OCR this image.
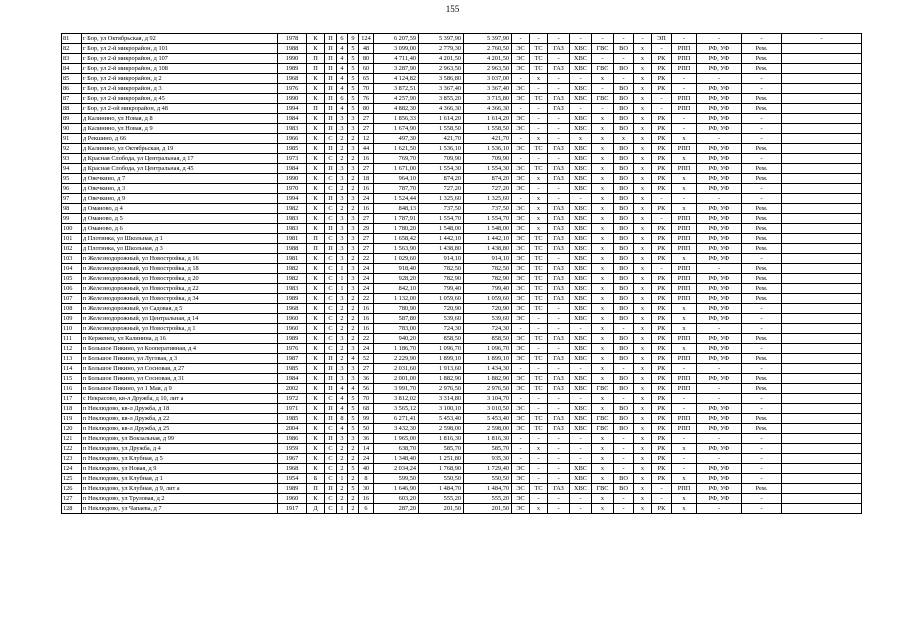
155
81	г Бор, ул Октябрьская, д 92	1978	К	П	6	9	124	6 207,59	5 397,90	5 397,90	-	-	-	-	-	-	-	ЭП	-	-	-	-
82	г Бор, ул 2-й микрорайон, д 101	1988	К	П	4	5	48	3 099,00	2 779,30	2 760,50	ЭС	ТС	ГАЗ	ХВС	ГВС	ВО	х	-	РПП	РФ, УФ	Рем.	
83	г Бор, ул 2-й микрорайон, д 107	1990	П	П	4	5	80	4 711,40	4 201,50	4 201,50	ЭС	ТС	-	ХВС	-	-	х	РК	РПП	РФ, УФ	Рем.	
84	г Бор, ул 2-й микрорайон, д 108	1989	П	П	4	5	60	3 287,90	2 963,50	2 963,50	ЭС	ТС	ГАЗ	ХВС	ГВС	ВО	х	РК	РПП	РФ, УФ	Рем.	
85	г Бор, ул 2-й микрорайон, д 2	1968	К	П	4	5	65	4 124,82	3 586,80	3 037,00	-	х	-	-	х	-	х	РК	-	-	-	
86	г Бор, ул 2-й микрорайон, д 3	1976	К	П	4	5	70	3 872,51	3 367,40	3 367,40	ЭС	-	-	ХВС	-	ВО	х	РК	-	РФ, УФ	-	
87	г Бор, ул 2-й микрорайон, д 45	1990	К	П	6	5	76	4 257,90	3 855,20	3 715,80	ЭС	ТС	ГАЗ	ХВС	ГВС	ВО	х	-	РПП	РФ, УФ	Рем.	
88	г Бор, ул 2-ой микрорайон, д 48	1994	П	П	4	5	80	4 882,30	4 366,30	4 366,30	-	-	ГАЗ	-	-	ВО	х	-	РПП	РФ, УФ	Рем.	
89	д Калинино, ул Новая, д 8	1984	К	П	3	3	27	1 856,33	1 614,20	1 614,20	ЭС	-	-	ХВС	х	ВО	х	РК	-	РФ, УФ	-	
90	д Калинино, ул Новая, д 9	1983	К	П	3	3	27	1 674,90	1 558,50	1 558,50	ЭС	-	-	ХВС	х	ВО	х	РК	-	РФ, УФ	-	
91	д Рекшино, д 66	1966	К	С	2	2	12	497,30	421,70	421,70	-	х	-	х	х	х	х	РК	х	-	-	
92	д Калинино, ул Октябрьская, д 19	1985	К	П	2	3	44	1 621,50	1 536,10	1 536,10	ЭС	ТС	ГАЗ	ХВС	х	ВО	х	РК	РПП	РФ, УФ	Рем.	
93	д Красная Слобода, ул Центральная, д 17	1973	К	С	2	2	16	769,70	709,90	709,90	-	-	-	ХВС	х	ВО	х	РК	х	РФ, УФ	-	
94	д Красная Слобода, ул Центральная, д 45	1984	К	П	3	3	27	1 671,00	1 554,30	1 554,30	ЭС	ТС	ГАЗ	ХВС	х	ВО	х	РК	РПП	РФ, УФ	Рем.	
95	д Овечкино, д 7	1990	К	С	3	2	18	964,10	874,20	874,20	ЭС	х	ГАЗ	ХВС	х	ВО	х	РК	х	РФ, УФ	Рем.	
96	д Овечкино, д 3	1970	К	С	2	2	16	787,70	727,20	727,20	ЭС	-	-	ХВС	х	ВО	х	РК	х	РФ, УФ	-	
97	д Овечкино, д 9	1994	К	П	3	3	24	1 524,44	1 325,60	1 325,60	-	х	-	-	х	ВО	х	-	-	-	-	
98	д Оманово, д 4	1982	К	С	2	2	16	848,13	737,50	737,50	ЭС	х	ГАЗ	ХВС	х	ВО	х	РК	х	РФ, УФ	Рем.	
99	д Оманово, д 5	1983	К	С	3	3	27	1 787,91	1 554,70	1 554,70	ЭС	х	ГАЗ	ХВС	х	ВО	х	-	РПП	РФ, УФ	Рем.	
100	д Оманово, д 6	1983	К	П	3	3	29	1 780,20	1 548,00	1 548,00	ЭС	х	ГАЗ	ХВС	х	ВО	х	РК	РПП	РФ, УФ	Рем.	
101	д Плотинка, ул Школьная, д 1	1981	П	С	3	3	27	1 658,42	1 442,10	1 442,10	ЭС	ТС	ГАЗ	ХВС	х	ВО	х	РК	РПП	РФ, УФ	Рем.	
102	д Плотинка, ул Школьная, д 3	1988	П	П	3	3	27	1 563,90	1 438,80	1 438,80	ЭС	ТС	ГАЗ	ХВС	х	ВО	х	РК	РПП	РФ, УФ	Рем.	
103	п Железнодорожный, ул Новостройка, д 16	1981	К	С	3	2	22	1 029,60	914,10	914,10	ЭС	ТС	-	ХВС	х	ВО	х	РК	х	РФ, УФ	-	
104	п Железнодорожный, ул Новостройка, д 18	1982	К	С	1	3	24	918,40	782,50	782,50	ЭС	ТС	ГАЗ	ХВС	х	ВО	х	-	РПП	-	Рем.	
105	п Железнодорожный, ул Новостройка, д 20	1982	К	С	1	3	24	928,20	782,90	782,90	ЭС	ТС	ГАЗ	ХВС	х	ВО	х	РК	РПП	РФ, УФ	Рем.	
106	п Железнодорожный, ул Новостройка, д 22	1983	К	С	1	3	24	842,10	799,40	799,40	ЭС	ТС	ГАЗ	ХВС	х	ВО	х	РК	РПП	РФ, УФ	Рем.	
107	п Железнодорожный, ул Новостройка, д 34	1989	К	С	3	2	22	1 132,00	1 059,60	1 059,60	ЭС	ТС	ГАЗ	ХВС	х	ВО	х	РК	РПП	РФ, УФ	Рем.	
108	п Железнодорожный, ул Садовая, д 5	1968	К	С	2	2	16	780,90	720,90	720,90	ЭС	ТС	-	ХВС	х	ВО	х	РК	х	РФ, УФ	-	
109	п Железнодорожный, ул Центральная, д 14	1960	К	С	2	2	16	587,80	539,60	539,60	ЭС	-	-	ХВС	х	ВО	х	РК	х	РФ, УФ	-	
110	п Железнодорожный, ул Новостройка, д 1	1960	К	С	2	2	16	783,00	724,30	724,30	-	-	-	-	х	-	х	РК	х	-	-	
111	п Керженец, ул Калинина, д 16	1989	К	С	3	2	22	940,20	858,50	858,50	ЭС	ТС	ГАЗ	ХВС	х	ВО	х	РК	РПП	РФ, УФ	Рем.	
112	п Большое Пикино, ул Кооперативная, д 4	1976	К	С	2	3	24	1 186,70	1 096,70	1 096,70	ЭС	-	-	ХВС	х	ВО	х	РК	х	РФ, УФ	-	
113	п Большое Пикино, ул Луговая, д 3	1987	К	П	2	4	52	2 229,90	1 899,10	1 899,10	ЭС	ТС	ГАЗ	ХВС	х	ВО	х	РК	РПП	РФ, УФ	Рем.	
114	п Большое Пикино, ул Сосновая, д 27	1985	К	П	3	3	27	2 031,60	1 913,60	1 434,30	-	-	-	-	х	-	х	РК	-	-	-	
115	п Большое Пикино, ул Сосновая, д 31	1984	К	П	3	3	36	2 001,00	1 882,90	1 882,90	ЭС	ТС	ГАЗ	ХВС	х	ВО	х	РК	РПП	РФ, УФ	Рем.	
116	п Большое Пикино, ул 1 Мая, д 9	2002	К	П	4	4	56	3 991,70	2 976,50	2 976,50	ЭС	ТС	ГАЗ	ХВС	ГВС	ВО	х	РК	РПП	-	Рем.	
117	с Некрасово, кв-л Дружба, д 10, лит а	1972	К	С	4	5	70	3 812,02	3 314,80	3 104,70	-	-	-	-	х	-	х	РК	-	-	-	
118	п Неклюдово, кв-л Дружба, д 18	1971	К	П	4	5	68	3 565,12	3 100,10	3 010,50	ЭС	-	-	ХВС	х	ВО	х	РК	-	РФ, УФ	-	
119	п Неклюдово, кв-л Дружба, д 22	1985	К	П	8	5	99	6 271,41	5 453,40	5 453,40	ЭС	ТС	ГАЗ	ХВС	ГВС	ВО	х	РК	РПП	РФ, УФ	Рем.	
120	п Неклюдово, кв-л Дружба, д 25	2004	К	С	4	5	50	3 432,30	2 598,00	2 598,00	ЭС	ТС	ГАЗ	ХВС	ГВС	ВО	х	РК	РПП	РФ, УФ	Рем.	
121	п Неклюдово, ул Вокзальная, д 99	1986	К	П	3	3	36	1 965,00	1 816,30	1 816,30	-	-	-	-	х	-	х	РК	-	-	-	
122	п Неклюдово, ул Дружба, д 4	1959	К	С	2	2	14	638,70	585,70	585,70	-	х	-	-	х	-	х	РК	х	РФ, УФ	-	
123	п Неклюдово, ул Клубная, д 5	1967	К	С	2	2	24	1 348,40	1 251,80	935,30	-	-	-	-	х	-	х	РК	-	-	-	
124	п Неклюдово, ул Новая, д 9	1968	К	С	2	5	40	2 034,24	1 768,90	1 729,40	ЭС	-	-	ХВС	х	-	х	РК	-	РФ, УФ	-	
125	п Неклюдово, ул Клубная, д 1	1954	Б	С	1	2	8	599,50	550,50	550,50	ЭС	-	-	ХВС	х	ВО	х	РК	х	РФ, УФ	-	
126	п Неклюдово, ул Клубная, д 9, лит а	1989	П	П	2	5	30	1 646,90	1 484,70	1 484,70	ЭС	ТС	ГАЗ	ХВС	ГВС	ВО	х	-	РПП	РФ, УФ	Рем.	
127	п Неклюдово, ул Труловая, д 2	1960	К	С	2	2	16	603,20	555,20	555,20	ЭС	-	-	-	х	-	х	-	х	РФ, УФ	-	
128	п Неклюдово, ул Чапаева, д 7	1917	Д	С	1	2	6	287,20	201,50	201,50	ЭС	х	-	-	х	-	х	РК	х	-	-	
